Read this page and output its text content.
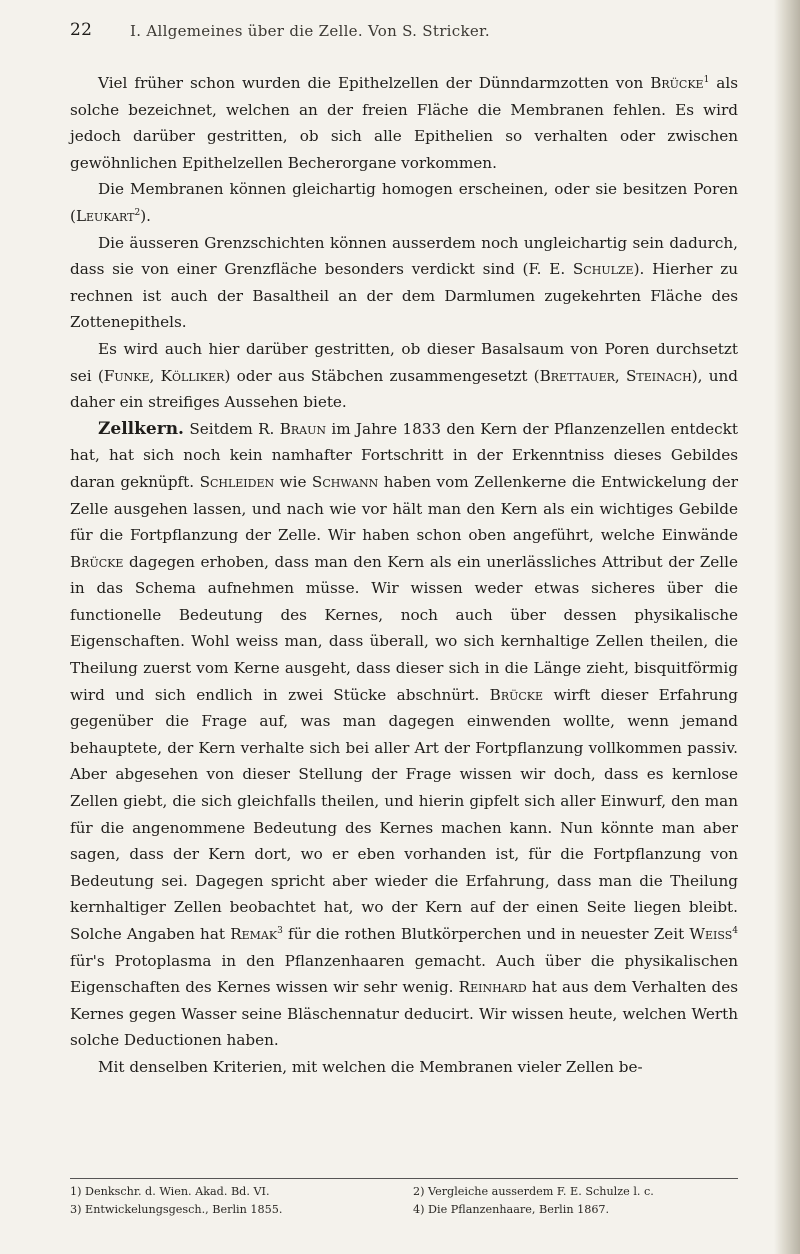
22	I. Allgemeines über die Zelle. Von S. Stricker.

Viel früher schon wurden die Epithelzellen der Dünndarmzotten von Brücke$^1$ als solche bezeichnet, welchen an der freien Fläche die Membranen fehlen. Es wird jedoch darüber gestritten, ob sich alle Epithelien so verhalten oder zwischen gewöhnlichen Epithelzellen Becherorgane vorkommen.

Die Membranen können gleichartig homogen erscheinen, oder sie besitzen Poren (Leukart$^2$).

Die äusseren Grenzschichten können ausserdem noch ungleichartig sein dadurch, dass sie von einer Grenzfläche besonders verdickt sind (F. E. Schulze). Hierher zu rechnen ist auch der Basaltheil an der dem Darmlumen zugekehrten Fläche des Zottenepithels.

Es wird auch hier darüber gestritten, ob dieser Basalsaum von Poren durchsetzt sei (Funke, Kölliker) oder aus Stäbchen zusammengesetzt (Brettauer, Steinach), und daher ein streifiges Aussehen biete.

Zellkern. Seitdem R. Braun im Jahre 1833 den Kern der Pflanzenzellen entdeckt hat, hat sich noch kein namhafter Fortschritt in der Erkenntniss dieses Gebildes daran geknüpft. Schleiden wie Schwann haben vom Zellenkerne die Entwickelung der Zelle ausgehen lassen, und nach wie vor hält man den Kern als ein wichtiges Gebilde für die Fortpflanzung der Zelle. Wir haben schon oben angeführt, welche Einwände Brücke dagegen erhoben, dass man den Kern als ein unerlässliches Attribut der Zelle in das Schema aufnehmen müsse. Wir wissen weder etwas sicheres über die functionelle Bedeutung des Kernes, noch auch über dessen physikalische Eigenschaften. Wohl weiss man, dass überall, wo sich kernhaltige Zellen theilen, die Theilung zuerst vom Kerne ausgeht, dass dieser sich in die Länge zieht, bisquitförmig wird und sich endlich in zwei Stücke abschnürt. Brücke wirft dieser Erfahrung gegenüber die Frage auf, was man dagegen einwenden wollte, wenn jemand behauptete, der Kern verhalte sich bei aller Art der Fortpflanzung vollkommen passiv. Aber abgesehen von dieser Stellung der Frage wissen wir doch, dass es kernlose Zellen giebt, die sich gleichfalls theilen, und hierin gipfelt sich aller Einwurf, den man für die angenommene Bedeutung des Kernes machen kann. Nun könnte man aber sagen, dass der Kern dort, wo er eben vorhanden ist, für die Fortpflanzung von Bedeutung sei. Dagegen spricht aber wieder die Erfahrung, dass man die Theilung kernhaltiger Zellen beobachtet hat, wo der Kern auf der einen Seite liegen bleibt. Solche Angaben hat Remak$^3$ für die rothen Blutkörperchen und in neuester Zeit Weiss$^4$ für's Protoplasma in den Pflanzenhaaren gemacht. Auch über die physikalischen Eigenschaften des Kernes wissen wir sehr wenig. Reinhard hat aus dem Verhalten des Kernes gegen Wasser seine Bläschennatur deducirt. Wir wissen heute, welchen Werth solche Deductionen haben.

Mit denselben Kriterien, mit welchen die Membranen vieler Zellen be-

1) Denkschr. d. Wien. Akad. Bd. VI.	2) Vergleiche ausserdem F. E. Schulze l. c.
3) Entwickelungsgesch., Berlin 1855.	4) Die Pflanzenhaare, Berlin 1867.
